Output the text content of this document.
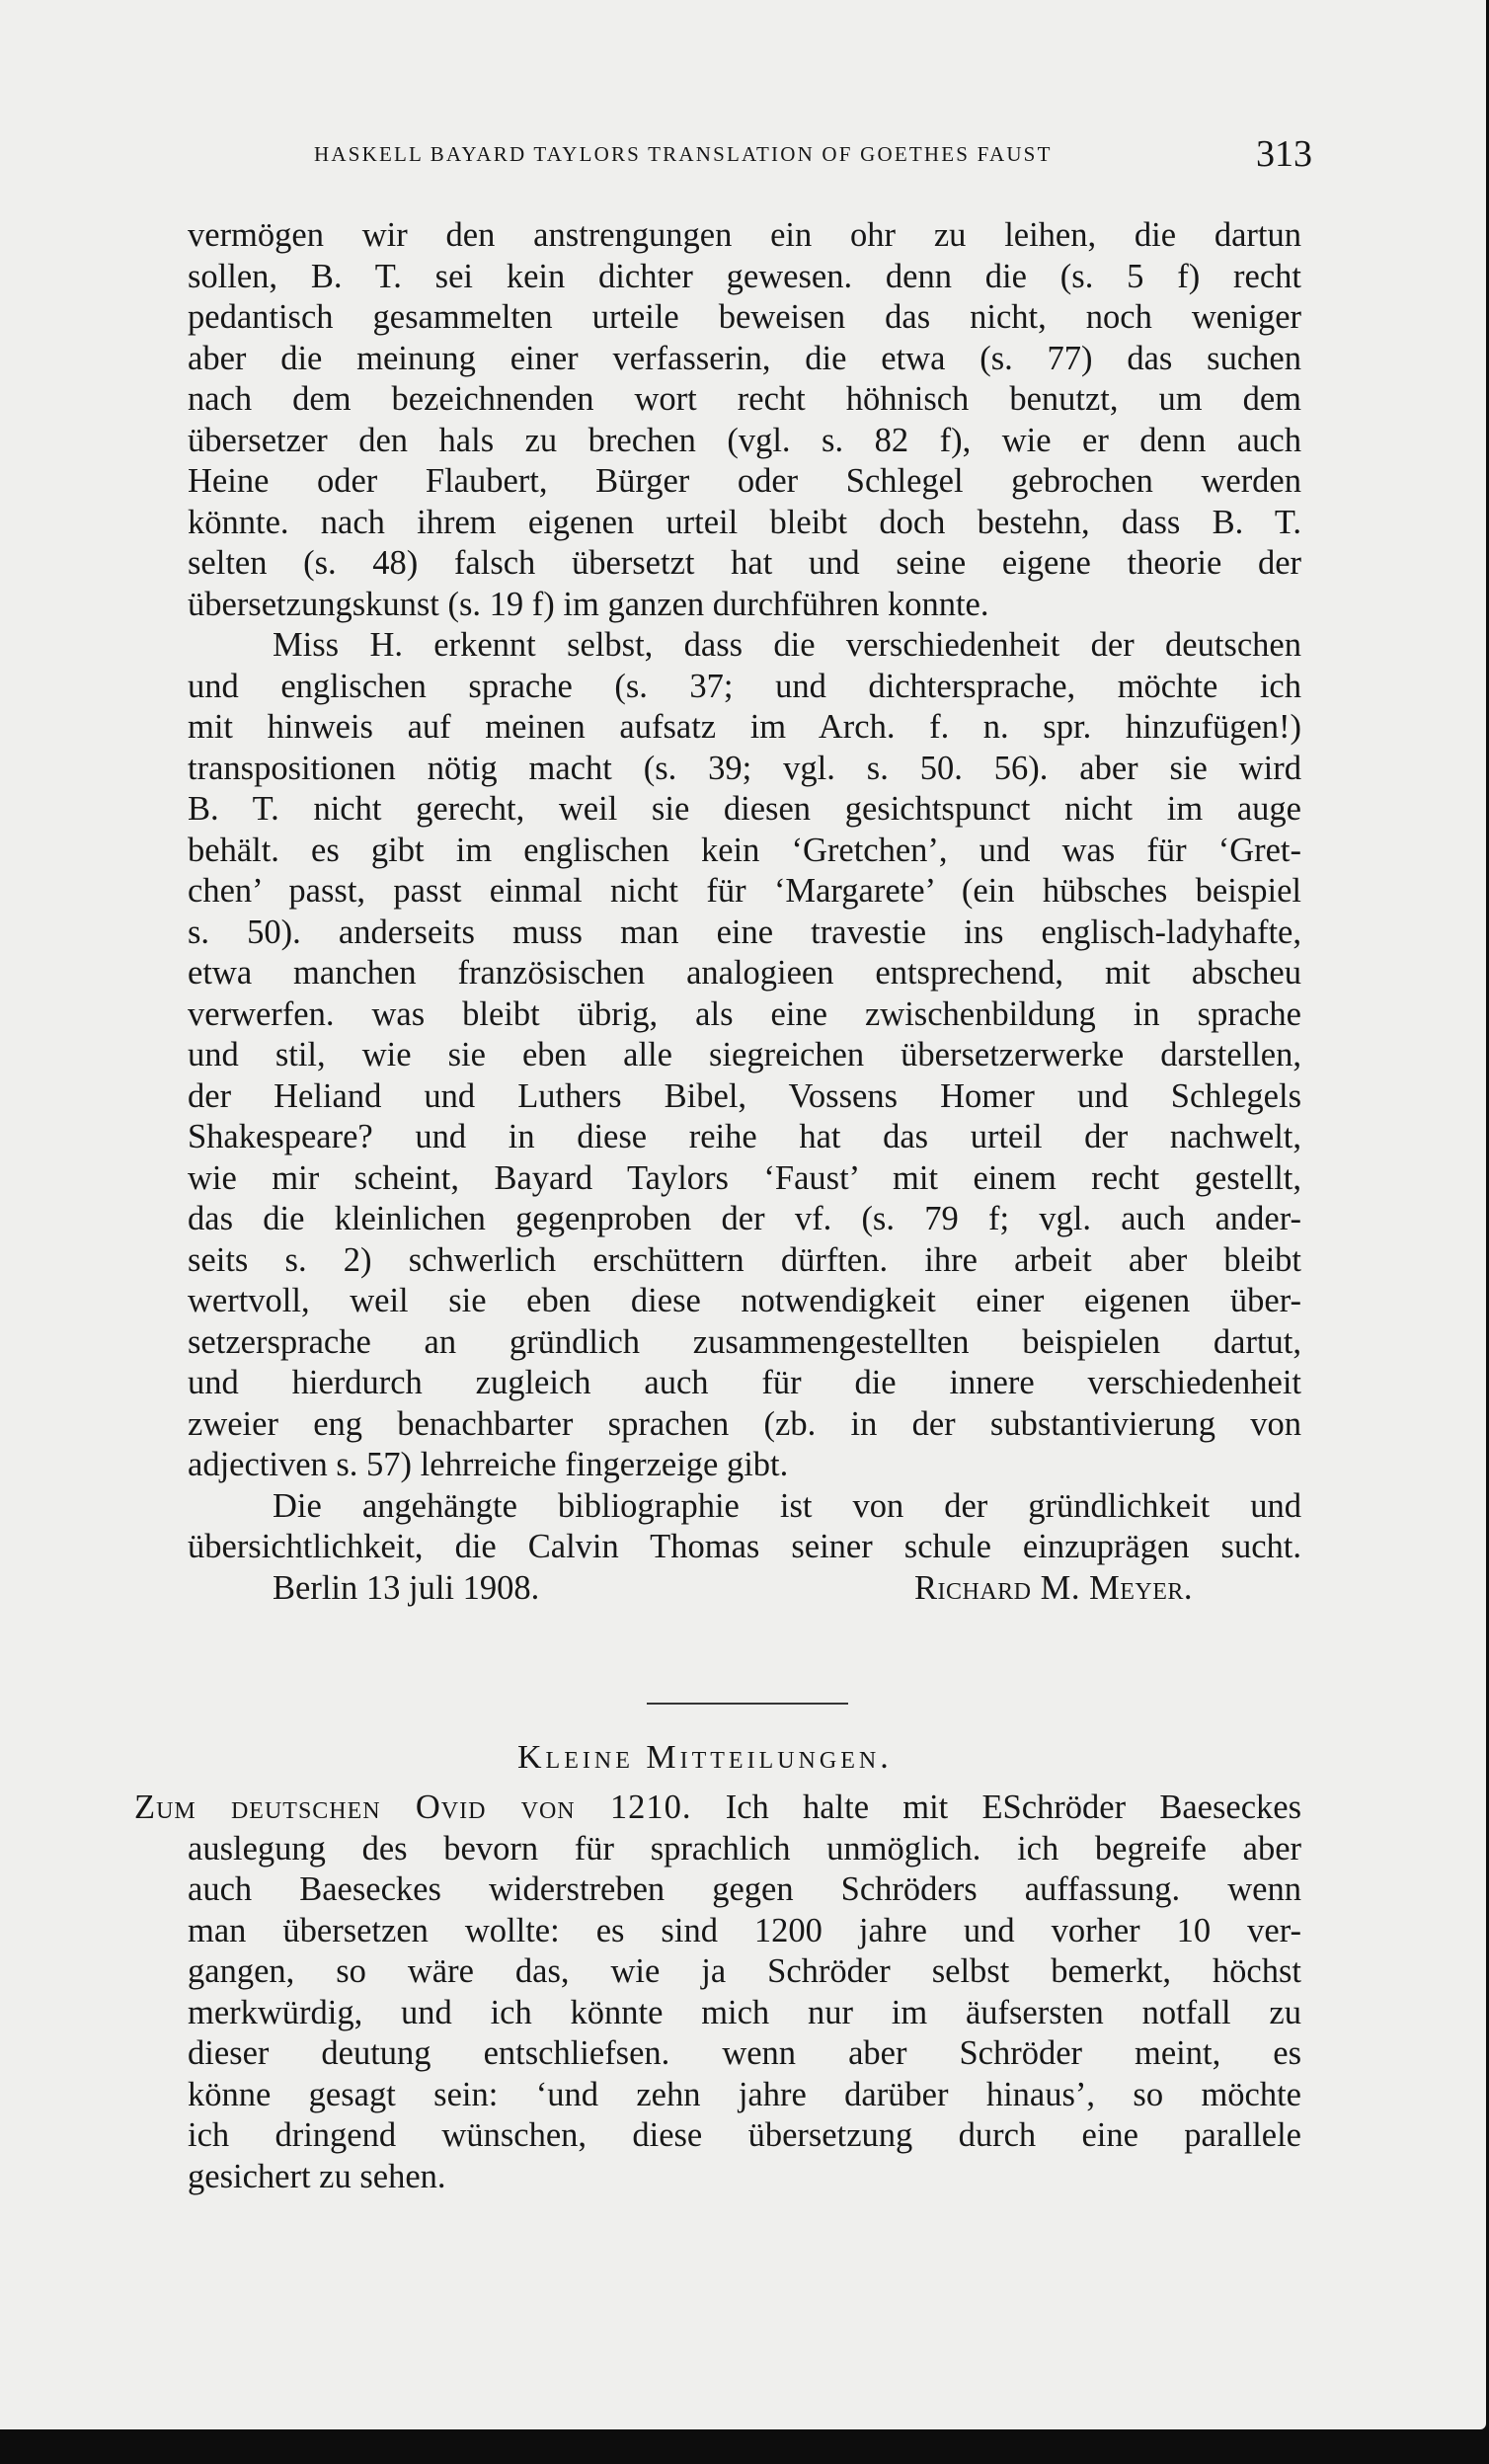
HASKELL BAYARD TAYLORS TRANSLATION OF GOETHES FAUST	313
vermögen wir den anstrengungen ein ohr zu leihen, die dartun
sollen, B. T. sei kein dichter gewesen. denn die (s. 5 f) recht
pedantisch gesammelten urteile beweisen das nicht, noch weniger
aber die meinung einer verfasserin, die etwa (s. 77) das suchen
nach dem bezeichnenden wort recht höhnisch benutzt, um dem
übersetzer den hals zu brechen (vgl. s. 82 f), wie er denn auch
Heine oder Flaubert, Bürger oder Schlegel gebrochen werden
könnte. nach ihrem eigenen urteil bleibt doch bestehn, dass B. T.
selten (s. 48) falsch übersetzt hat und seine eigene theorie der
übersetzungskunst (s. 19 f) im ganzen durchführen konnte.
Miss H. erkennt selbst, dass die verschiedenheit der deutschen
und englischen sprache (s. 37; und dichtersprache, möchte ich
mit hinweis auf meinen aufsatz im Arch. f. n. spr. hinzufügen!)
transpositionen nötig macht (s. 39; vgl. s. 50. 56). aber sie wird
B. T. nicht gerecht, weil sie diesen gesichtspunct nicht im auge
behält. es gibt im englischen kein ‘Gretchen’, und was für ‘Gret-
chen’ passt, passt einmal nicht für ‘Margarete’ (ein hübsches beispiel
s. 50). anderseits muss man eine travestie ins englisch-ladyhafte,
etwa manchen französischen analogieen entsprechend, mit abscheu
verwerfen. was bleibt übrig, als eine zwischenbildung in sprache
und stil, wie sie eben alle siegreichen übersetzerwerke darstellen,
der Heliand und Luthers Bibel, Vossens Homer und Schlegels
Shakespeare? und in diese reihe hat das urteil der nachwelt,
wie mir scheint, Bayard Taylors ‘Faust’ mit einem recht gestellt,
das die kleinlichen gegenproben der vf. (s. 79 f; vgl. auch ander-
seits s. 2) schwerlich erschüttern dürften. ihre arbeit aber bleibt
wertvoll, weil sie eben diese notwendigkeit einer eigenen über-
setzersprache an gründlich zusammengestellten beispielen dartut,
und hierdurch zugleich auch für die innere verschiedenheit
zweier eng benachbarter sprachen (zb. in der substantivierung von
adjectiven s. 57) lehrreiche fingerzeige gibt.
Die angehängte bibliographie ist von der gründlichkeit und
übersichtlichkeit, die Calvin Thomas seiner schule einzuprägen sucht.
Berlin 13 juli 1908.	Richard M. Meyer.
Kleine Mitteilungen.
Zum deutschen Ovid von 1210. Ich halte mit ESchröder Baeseckes
auslegung des bevorn für sprachlich unmöglich. ich begreife aber
auch Baeseckes widerstreben gegen Schröders auffassung. wenn
man übersetzen wollte: es sind 1200 jahre und vorher 10 ver-
gangen, so wäre das, wie ja Schröder selbst bemerkt, höchst
merkwürdig, und ich könnte mich nur im äufsersten notfall zu
dieser deutung entschliefsen. wenn aber Schröder meint, es
könne gesagt sein: ‘und zehn jahre darüber hinaus’, so möchte
ich dringend wünschen, diese übersetzung durch eine parallele
gesichert zu sehen.
